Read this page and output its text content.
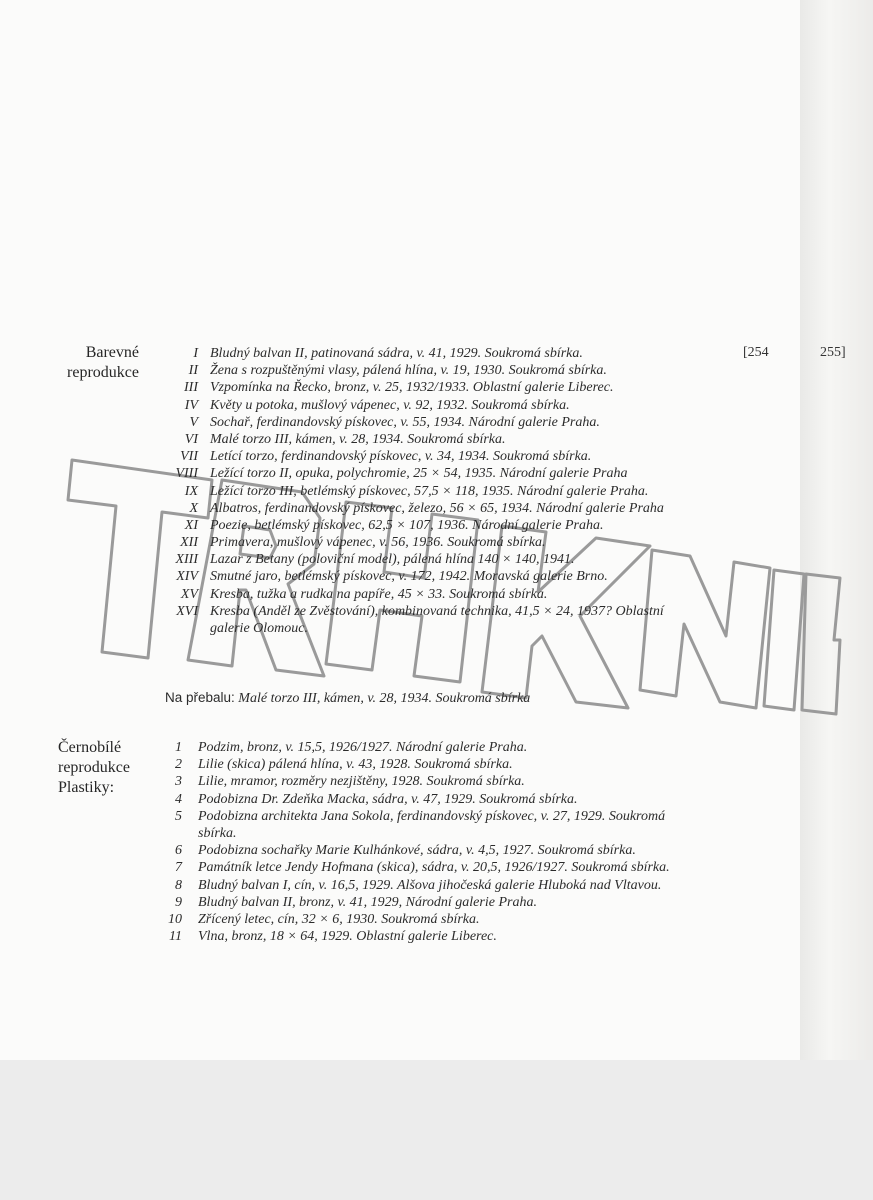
[254	255]
Barevné
reprodukce
I Bludný balvan II, patinovaná sádra, v. 41, 1929. Soukromá sbírka.
II Žena s rozpuštěnými vlasy, pálená hlína, v. 19, 1930. Soukromá sbírka.
III Vzpomínka na Řecko, bronz, v. 25, 1932/1933. Oblastní galerie Liberec.
IV Květy u potoka, mušlový vápenec, v. 92, 1932. Soukromá sbírka.
V Sochař, ferdinandovský pískovec, v. 55, 1934. Národní galerie Praha.
VI Malé torzo III, kámen, v. 28, 1934. Soukromá sbírka.
VII Letící torzo, ferdinandovský pískovec, v. 34, 1934. Soukromá sbírka.
VIII Ležící torzo II, opuka, polychromie, 25 × 54, 1935. Národní galerie Praha
IX Ležící torzo III, betlémský pískovec, 57,5 × 118, 1935. Národní galerie Praha.
X Albatros, ferdinandovský pískovec, železo, 56 × 65, 1934. Národní galerie Praha
XI Poezie, betlémský pískovec, 62,5 × 107, 1936. Národní galerie Praha.
XII Primavera, mušlový vápenec, v. 56, 1936. Soukromá sbírka.
XIII Lazar z Betany (poloviční model), pálená hlína 140 × 140, 1941.
XIV Smutné jaro, betlémský pískovec, v. 172, 1942. Moravská galerie Brno.
XV Kresba, tužka a rudka na papíře, 45 × 33. Soukromá sbírka.
XVI Kresba (Anděl ze Zvěstování), kombinovaná technika, 41,5 × 24, 1937? Oblastní
galerie Olomouc.
Na přebalu: Malé torzo III, kámen, v. 28, 1934. Soukromá sbírka
Černobílé
reprodukce
Plastiky:
1 Podzim, bronz, v. 15,5, 1926/1927. Národní galerie Praha.
2 Lilie (skica) pálená hlína, v. 43, 1928. Soukromá sbírka.
3 Lilie, mramor, rozměry nezjištěny, 1928. Soukromá sbírka.
4 Podobizna Dr. Zdeňka Macka, sádra, v. 47, 1929. Soukromá sbírka.
5 Podobizna architekta Jana Sokola, ferdinandovský pískovec, v. 27, 1929. Soukromá
sbírka.
6 Podobizna sochařky Marie Kulhánkové, sádra, v. 4,5, 1927. Soukromá sbírka.
7 Památník letce Jendy Hofmana (skica), sádra, v. 20,5, 1926/1927. Soukromá sbírka.
8 Bludný balvan I, cín, v. 16,5, 1929. Alšova jihočeská galerie Hluboká nad Vltavou.
9 Bludný balvan II, bronz, v. 41, 1929, Národní galerie Praha.
10 Zřícený letec, cín, 32 × 6, 1930. Soukromá sbírka.
11 Vlna, bronz, 18 × 64, 1929. Oblastní galerie Liberec.
